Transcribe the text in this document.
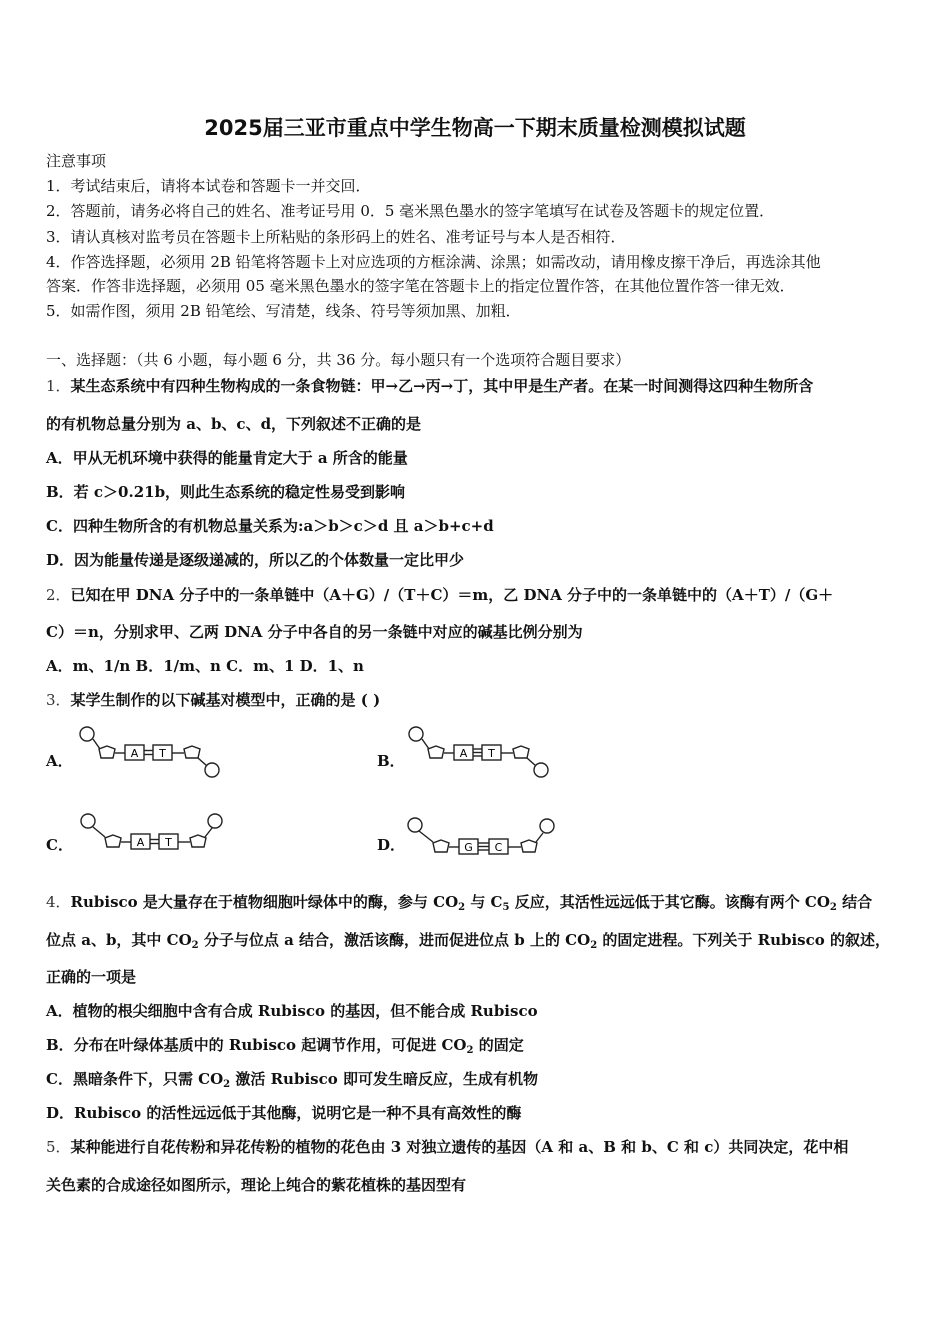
2025届三亚市重点中学生物高一下期末质量检测模拟试题
注意事项
1．考试结束后，请将本试卷和答题卡一并交回．
2．答题前，请务必将自己的姓名、准考证号用 0．5 毫米黑色墨水的签字笔填写在试卷及答题卡的规定位置．
3．请认真核对监考员在答题卡上所粘贴的条形码上的姓名、准考证号与本人是否相符．
4．作答选择题，必须用 2B 铅笔将答题卡上对应选项的方框涂满、涂黑；如需改动，请用橡皮擦干净后，再选涂其他
答案．作答非选择题，必须用 05 毫米黑色墨水的签字笔在答题卡上的指定位置作答，在其他位置作答一律无效．
5．如需作图，须用 2B 铅笔绘、写清楚，线条、符号等须加黑、加粗．
一、选择题：（共 6 小题，每小题 6 分，共 36 分。每小题只有一个选项符合题目要求）
1．某生态系统中有四种生物构成的一条食物链：甲→乙→丙→丁，其中甲是生产者。在某一时间测得这四种生物所含
的有机物总量分别为 a、b、c、d，下列叙述不正确的是
A．甲从无机环境中获得的能量肯定大于 a 所含的能量
B．若 c＞0.21b，则此生态系统的稳定性易受到影响
C．四种生物所含的有机物总量关系为:a＞b＞c＞d 且 a＞b+c+d
D．因为能量传递是逐级递减的，所以乙的个体数量一定比甲少
2．已知在甲 DNA 分子中的一条单链中（A＋G）/（T＋C）＝m，乙 DNA 分子中的一条单链中的（A＋T）/（G＋
C）＝n，分别求甲、乙两 DNA 分子中各自的另一条链中对应的碱基比例分别为
A．m、1/n B．1/m、n C．m、1 D．1、n
3．某学生制作的以下碱基对模型中，正确的是 ( )
A．	B．
C．	D．
A T	A T
A T	G C
4．Rubisco 是大量存在于植物细胞叶绿体中的酶，参与 $CO_2$ 与 $C_5$ 反应，其活性远远低于其它酶。该酶有两个 $CO_2$ 结合
位点 a、b，其中 $CO_2$ 分子与位点 a 结合，激活该酶，进而促进位点 b 上的 $CO_2$ 的固定进程。下列关于 Rubisco 的叙述，
正确的一项是
A．植物的根尖细胞中含有合成 Rubisco 的基因，但不能合成 Rubisco
B．分布在叶绿体基质中的 Rubisco 起调节作用，可促进 $CO_2$ 的固定
C．黑暗条件下，只需 $CO_2$ 激活 Rubisco 即可发生暗反应，生成有机物
D．Rubisco 的活性远远低于其他酶，说明它是一种不具有高效性的酶
5．某种能进行自花传粉和异花传粉的植物的花色由 3 对独立遗传的基因（A 和 a、B 和 b、C 和 c）共同决定，花中相
关色素的合成途径如图所示，理论上纯合的紫花植株的基因型有
